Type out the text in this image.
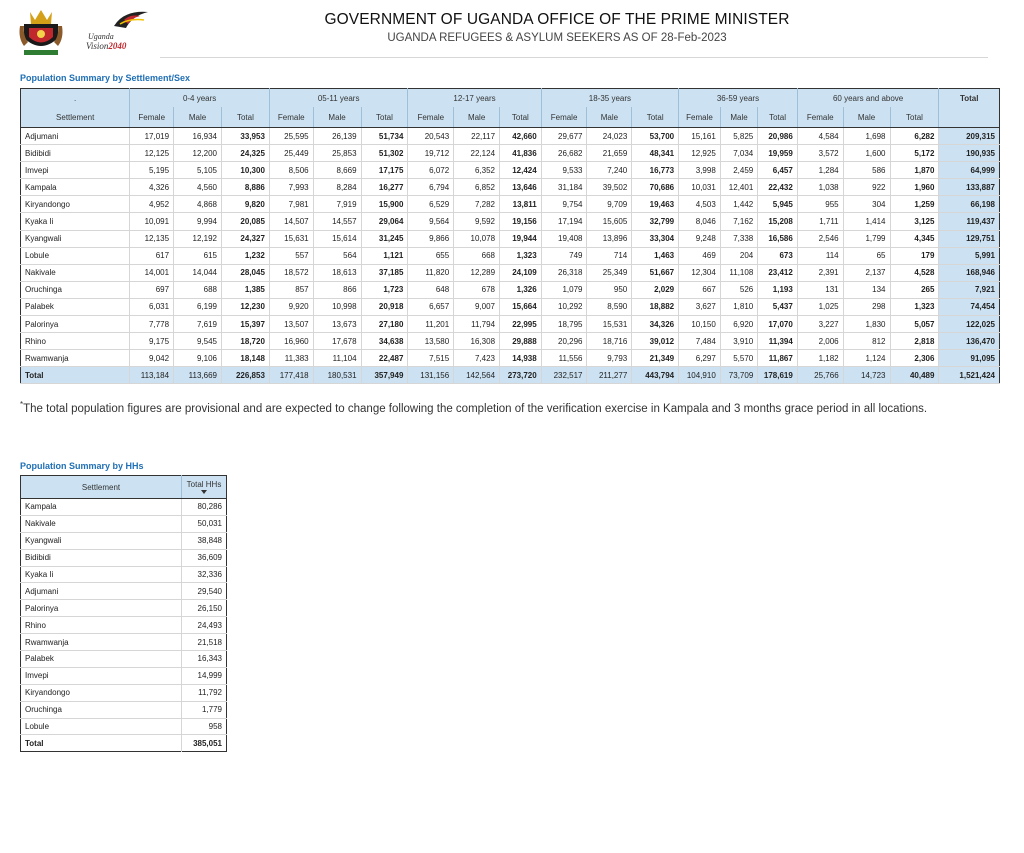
Uganda
Vision2040
GOVERNMENT OF UGANDA OFFICE OF THE PRIME MINISTER
UGANDA REFUGEES & ASYLUM SEEKERS AS OF 28-Feb-2023
Population Summary by Settlement/Sex
.	0-4 years			05-11 years			12-17 years			18-35 years			36-59 years			60 years and above			Total
Settlement	Female	Male	Total	Female	Male	Total	Female	Male	Total	Female	Male	Total	Female	Male	Total	Female	Male	Total	
Adjumani	17,019	16,934	33,953	25,595	26,139	51,734	20,543	22,117	42,660	29,677	24,023	53,700	15,161	5,825	20,986	4,584	1,698	6,282	209,315
Bidibidi	12,125	12,200	24,325	25,449	25,853	51,302	19,712	22,124	41,836	26,682	21,659	48,341	12,925	7,034	19,959	3,572	1,600	5,172	190,935
Imvepi	5,195	5,105	10,300	8,506	8,669	17,175	6,072	6,352	12,424	9,533	7,240	16,773	3,998	2,459	6,457	1,284	586	1,870	64,999
Kampala	4,326	4,560	8,886	7,993	8,284	16,277	6,794	6,852	13,646	31,184	39,502	70,686	10,031	12,401	22,432	1,038	922	1,960	133,887
Kiryandongo	4,952	4,868	9,820	7,981	7,919	15,900	6,529	7,282	13,811	9,754	9,709	19,463	4,503	1,442	5,945	955	304	1,259	66,198
Kyaka Ii	10,091	9,994	20,085	14,507	14,557	29,064	9,564	9,592	19,156	17,194	15,605	32,799	8,046	7,162	15,208	1,711	1,414	3,125	119,437
Kyangwali	12,135	12,192	24,327	15,631	15,614	31,245	9,866	10,078	19,944	19,408	13,896	33,304	9,248	7,338	16,586	2,546	1,799	4,345	129,751
Lobule	617	615	1,232	557	564	1,121	655	668	1,323	749	714	1,463	469	204	673	114	65	179	5,991
Nakivale	14,001	14,044	28,045	18,572	18,613	37,185	11,820	12,289	24,109	26,318	25,349	51,667	12,304	11,108	23,412	2,391	2,137	4,528	168,946
Oruchinga	697	688	1,385	857	866	1,723	648	678	1,326	1,079	950	2,029	667	526	1,193	131	134	265	7,921
Palabek	6,031	6,199	12,230	9,920	10,998	20,918	6,657	9,007	15,664	10,292	8,590	18,882	3,627	1,810	5,437	1,025	298	1,323	74,454
Palorinya	7,778	7,619	15,397	13,507	13,673	27,180	11,201	11,794	22,995	18,795	15,531	34,326	10,150	6,920	17,070	3,227	1,830	5,057	122,025
Rhino	9,175	9,545	18,720	16,960	17,678	34,638	13,580	16,308	29,888	20,296	18,716	39,012	7,484	3,910	11,394	2,006	812	2,818	136,470
Rwamwanja	9,042	9,106	18,148	11,383	11,104	22,487	7,515	7,423	14,938	11,556	9,793	21,349	6,297	5,570	11,867	1,182	1,124	2,306	91,095
Total	113,184	113,669	226,853	177,418	180,531	357,949	131,156	142,564	273,720	232,517	211,277	443,794	104,910	73,709	178,619	25,766	14,723	40,489	1,521,424
*The total population figures are provisional and are expected to change following the completion of the verification exercise in Kampala and 3 months grace period in all locations.
Population Summary by HHs
Settlement	Total HHs

Kampala	80,286
Nakivale	50,031
Kyangwali	38,848
Bidibidi	36,609
Kyaka Ii	32,336
Adjumani	29,540
Palorinya	26,150
Rhino	24,493
Rwamwanja	21,518
Palabek	16,343
Imvepi	14,999
Kiryandongo	11,792
Oruchinga	1,779
Lobule	958
Total	385,051
